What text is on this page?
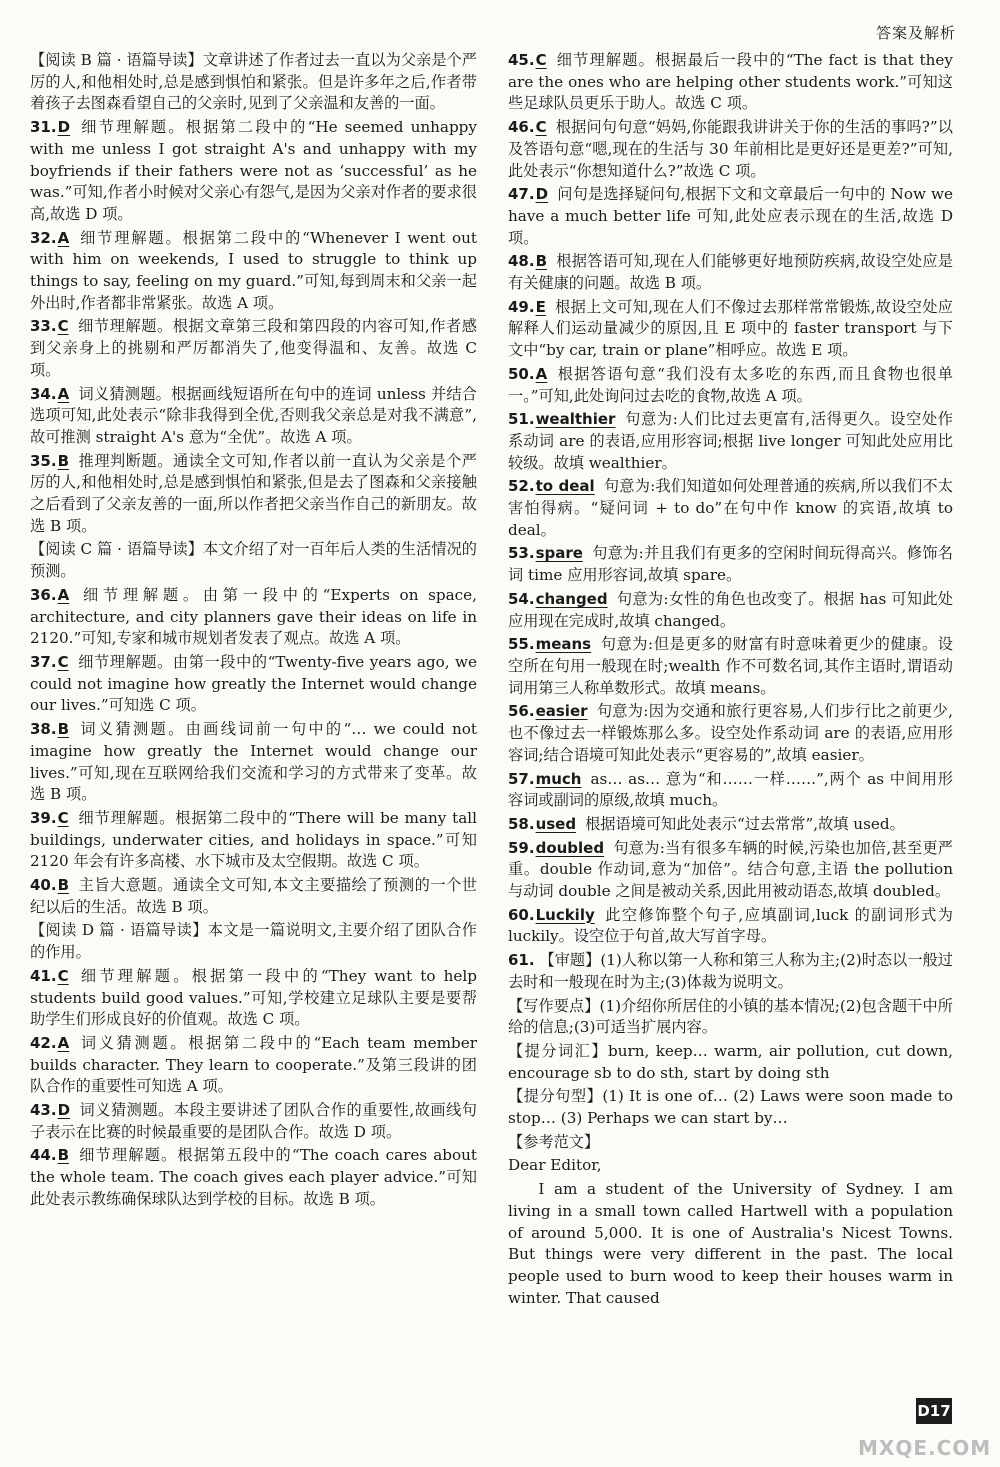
答案及解析
【阅读 B 篇 · 语篇导读】文章讲述了作者过去一直以为父亲是个严厉的人,和他相处时,总是感到惧怕和紧张。但是许多年之后,作者带着孩子去图森看望自己的父亲时,见到了父亲温和友善的一面。
31.D 细节理解题。根据第二段中的“He seemed unhappy with me unless I got straight A's and unhappy with my boyfriends if their fathers were not as ‘successful’ as he was.”可知,作者小时候对父亲心有怨气,是因为父亲对作者的要求很高,故选 D 项。
32.A 细节理解题。根据第二段中的“Whenever I went out with him on weekends, I used to struggle to think up things to say, feeling on my guard.”可知,每到周末和父亲一起外出时,作者都非常紧张。故选 A 项。
33.C 细节理解题。根据文章第三段和第四段的内容可知,作者感到父亲身上的挑剔和严厉都消失了,他变得温和、友善。故选 C 项。
34.A 词义猜测题。根据画线短语所在句中的连词 unless 并结合选项可知,此处表示“除非我得到全优,否则我父亲总是对我不满意”,故可推测 straight A's 意为“全优”。故选 A 项。
35.B 推理判断题。通读全文可知,作者以前一直认为父亲是个严厉的人,和他相处时,总是感到惧怕和紧张,但是去了图森和父亲接触之后看到了父亲友善的一面,所以作者把父亲当作自己的新朋友。故选 B 项。
【阅读 C 篇 · 语篇导读】本文介绍了对一百年后人类的生活情况的预测。
36.A 细节理解题。由第一段中的“Experts on space, architecture, and city planners gave their ideas on life in 2120.”可知,专家和城市规划者发表了观点。故选 A 项。
37.C 细节理解题。由第一段中的“Twenty-five years ago, we could not imagine how greatly the Internet would change our lives.”可知选 C 项。
38.B 词义猜测题。由画线词前一句中的“… we could not imagine how greatly the Internet would change our lives.”可知,现在互联网给我们交流和学习的方式带来了变革。故选 B 项。
39.C 细节理解题。根据第二段中的“There will be many tall buildings, underwater cities, and holidays in space.”可知 2120 年会有许多高楼、水下城市及太空假期。故选 C 项。
40.B 主旨大意题。通读全文可知,本文主要描绘了预测的一个世纪以后的生活。故选 B 项。
【阅读 D 篇 · 语篇导读】本文是一篇说明文,主要介绍了团队合作的作用。
41.C 细节理解题。根据第一段中的“They want to help students build good values.”可知,学校建立足球队主要是要帮助学生们形成良好的价值观。故选 C 项。
42.A 词义猜测题。根据第二段中的“Each team member builds character. They learn to cooperate.”及第三段讲的团队合作的重要性可知选 A 项。
43.D 词义猜测题。本段主要讲述了团队合作的重要性,故画线句子表示在比赛的时候最重要的是团队合作。故选 D 项。
44.B 细节理解题。根据第五段中的“The coach cares about the whole team. The coach gives each player advice.”可知此处表示教练确保球队达到学校的目标。故选 B 项。
45.C 细节理解题。根据最后一段中的“The fact is that they are the ones who are helping other students work.”可知这些足球队员更乐于助人。故选 C 项。
46.C 根据问句句意“妈妈,你能跟我讲讲关于你的生活的事吗?”以及答语句意“嗯,现在的生活与 30 年前相比是更好还是更差?”可知,此处表示“你想知道什么?”故选 C 项。
47.D 问句是选择疑问句,根据下文和文章最后一句中的 Now we have a much better life 可知,此处应表示现在的生活,故选 D 项。
48.B 根据答语可知,现在人们能够更好地预防疾病,故设空处应是有关健康的问题。故选 B 项。
49.E 根据上文可知,现在人们不像过去那样常常锻炼,故设空处应解释人们运动量减少的原因,且 E 项中的 faster transport 与下文中“by car, train or plane”相呼应。故选 E 项。
50.A 根据答语句意“我们没有太多吃的东西,而且食物也很单一。”可知,此处询问过去吃的食物,故选 A 项。
51.wealthier 句意为:人们比过去更富有,活得更久。设空处作系动词 are 的表语,应用形容词;根据 live longer 可知此处应用比较级。故填 wealthier。
52.to deal 句意为:我们知道如何处理普通的疾病,所以我们不太害怕得病。“疑问词 + to do”在句中作 know 的宾语,故填 to deal。
53.spare 句意为:并且我们有更多的空闲时间玩得高兴。修饰名词 time 应用形容词,故填 spare。
54.changed 句意为:女性的角色也改变了。根据 has 可知此处应用现在完成时,故填 changed。
55.means 句意为:但是更多的财富有时意味着更少的健康。设空所在句用一般现在时;wealth 作不可数名词,其作主语时,谓语动词用第三人称单数形式。故填 means。
56.easier 句意为:因为交通和旅行更容易,人们步行比之前更少,也不像过去一样锻炼那么多。设空处作系动词 are 的表语,应用形容词;结合语境可知此处表示“更容易的”,故填 easier。
57.much as… as… 意为“和……一样……”,两个 as 中间用形容词或副词的原级,故填 much。
58.used 根据语境可知此处表示“过去常常”,故填 used。
59.doubled 句意为:当有很多车辆的时候,污染也加倍,甚至更严重。double 作动词,意为“加倍”。结合句意,主语 the pollution 与动词 double 之间是被动关系,因此用被动语态,故填 doubled。
60.Luckily 此空修饰整个句子,应填副词,luck 的副词形式为 luckily。设空位于句首,故大写首字母。
61. 【审题】(1)人称以第一人称和第三人称为主;(2)时态以一般过去时和一般现在时为主;(3)体裁为说明文。
【写作要点】(1)介绍你所居住的小镇的基本情况;(2)包含题干中所给的信息;(3)可适当扩展内容。
【提分词汇】burn, keep… warm, air pollution, cut down, encourage sb to do sth, start by doing sth
【提分句型】(1) It is one of… (2) Laws were soon made to stop… (3) Perhaps we can start by…
【参考范文】
Dear Editor,
I am a student of the University of Sydney. I am living in a small town called Hartwell with a population of around 5,000. It is one of Australia's Nicest Towns. But things were very different in the past. The local people used to burn wood to keep their houses warm in winter. That caused
D17
MXQE.COM
